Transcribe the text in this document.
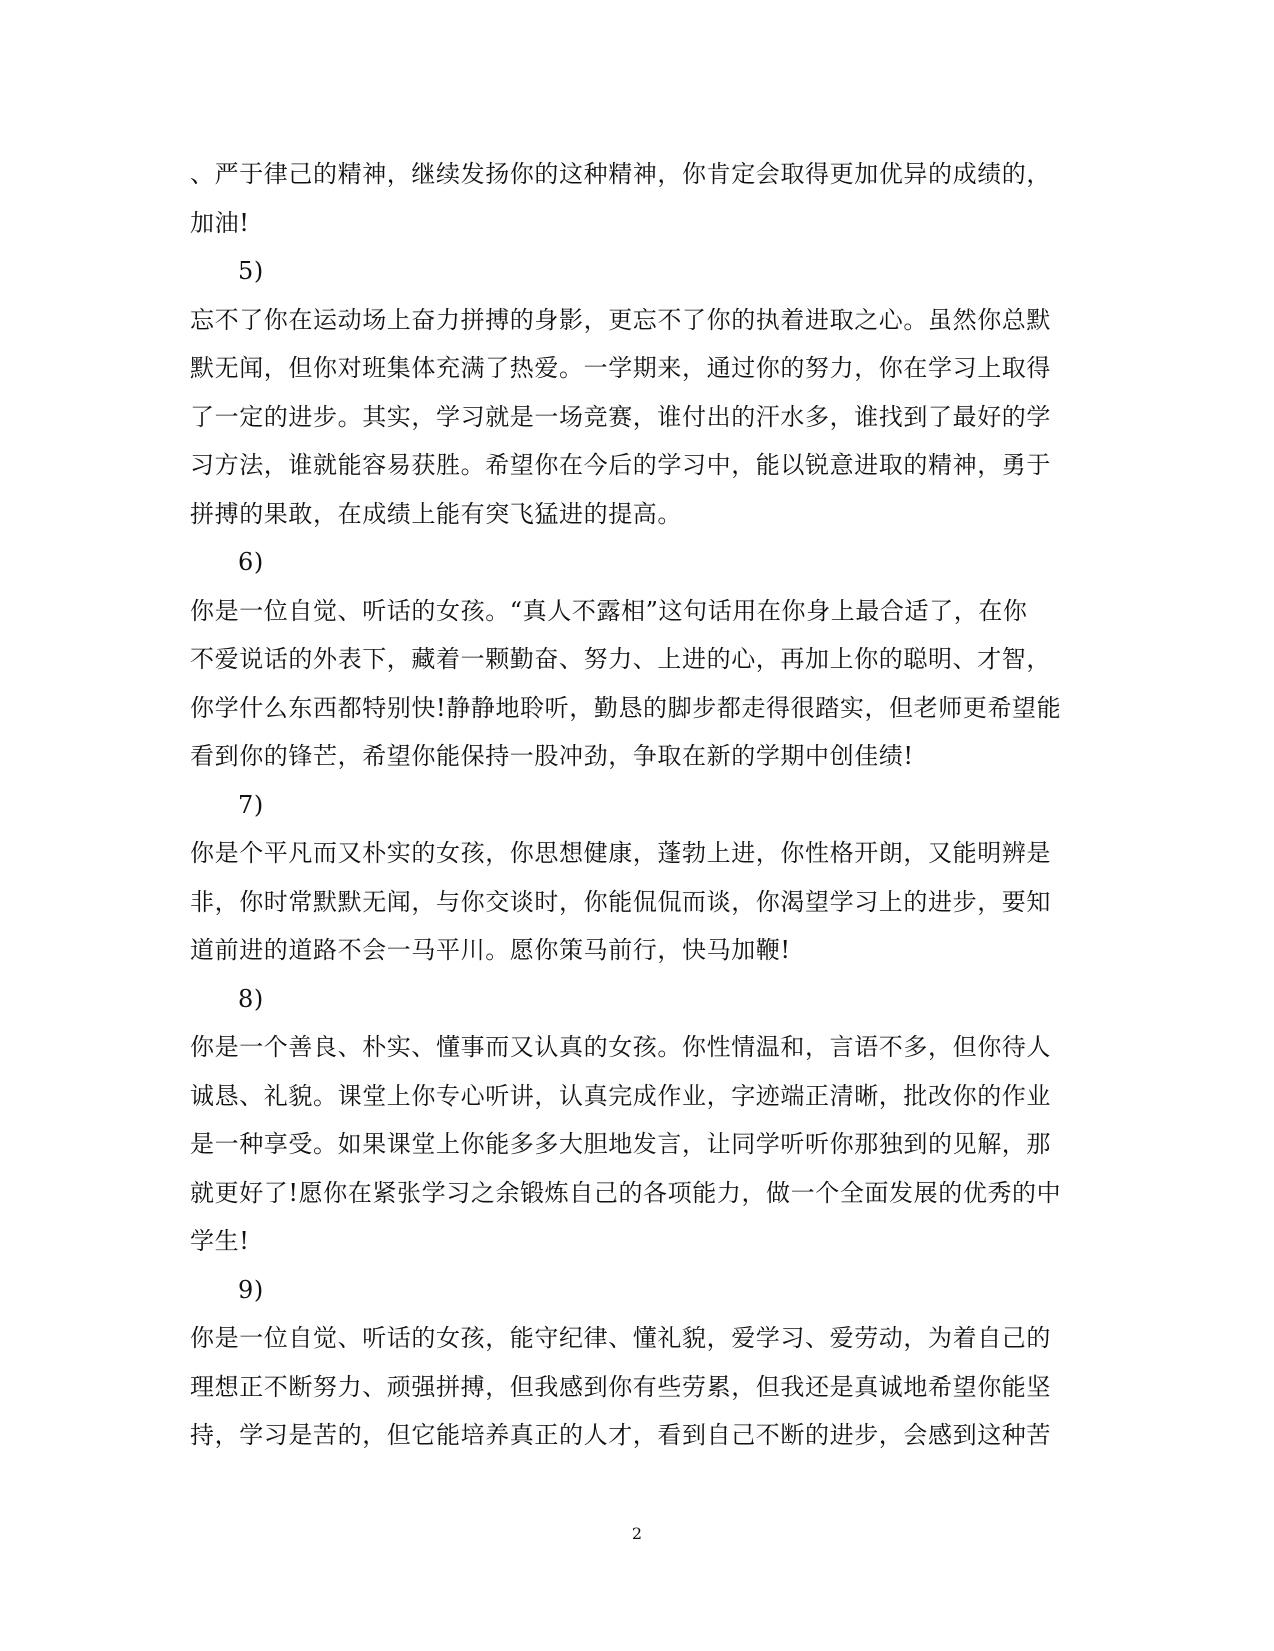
、严于律己的精神，继续发扬你的这种精神，你肯定会取得更加优异的成绩的，
加油!
5)
忘不了你在运动场上奋力拼搏的身影，更忘不了你的执着进取之心。虽然你总默
默无闻，但你对班集体充满了热爱。一学期来，通过你的努力，你在学习上取得
了一定的进步。其实，学习就是一场竞赛，谁付出的汗水多，谁找到了最好的学
习方法，谁就能容易获胜。希望你在今后的学习中，能以锐意进取的精神，勇于
拼搏的果敢，在成绩上能有突飞猛进的提高。
6)
你是一位自觉、听话的女孩。“真人不露相”这句话用在你身上最合适了，在你
不爱说话的外表下，藏着一颗勤奋、努力、上进的心，再加上你的聪明、才智，
你学什么东西都特别快!静静地聆听，勤恳的脚步都走得很踏实，但老师更希望能
看到你的锋芒，希望你能保持一股冲劲，争取在新的学期中创佳绩!
7)
你是个平凡而又朴实的女孩，你思想健康，蓬勃上进，你性格开朗，又能明辨是
非，你时常默默无闻，与你交谈时，你能侃侃而谈，你渴望学习上的进步，要知
道前进的道路不会一马平川。愿你策马前行，快马加鞭!
8)
你是一个善良、朴实、懂事而又认真的女孩。你性情温和，言语不多，但你待人
诚恳、礼貌。课堂上你专心听讲，认真完成作业，字迹端正清晰，批改你的作业
是一种享受。如果课堂上你能多多大胆地发言，让同学听听你那独到的见解，那
就更好了!愿你在紧张学习之余锻炼自己的各项能力，做一个全面发展的优秀的中
学生!
9)
你是一位自觉、听话的女孩，能守纪律、懂礼貌，爱学习、爱劳动，为着自己的
理想正不断努力、顽强拼搏，但我感到你有些劳累，但我还是真诚地希望你能坚
持，学习是苦的，但它能培养真正的人才，看到自己不断的进步，会感到这种苦
2
